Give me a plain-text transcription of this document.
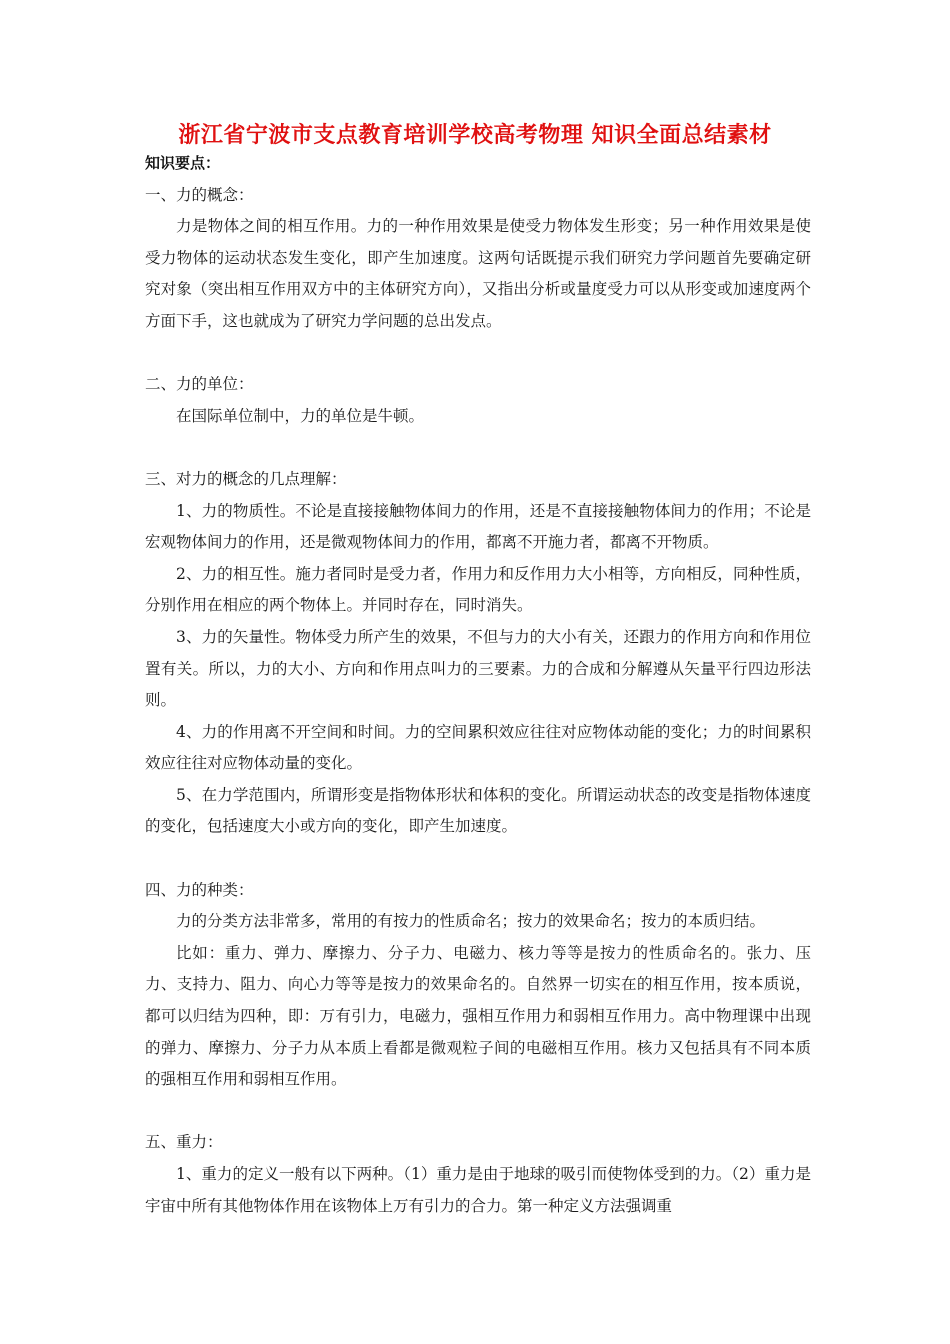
浙江省宁波市支点教育培训学校高考物理 知识全面总结素材
知识要点：

一、力的概念：

力是物体之间的相互作用。力的一种作用效果是使受力物体发生形变；另一种作用效果是使受力物体的运动状态发生变化，即产生加速度。这两句话既提示我们研究力学问题首先要确定研究对象（突出相互作用双方中的主体研究方向），又指出分析或量度受力可以从形变或加速度两个方面下手，这也就成为了研究力学问题的总出发点。

二、力的单位：

在国际单位制中，力的单位是牛顿。

三、对力的概念的几点理解：

1、力的物质性。不论是直接接触物体间力的作用，还是不直接接触物体间力的作用；不论是宏观物体间力的作用，还是微观物体间力的作用，都离不开施力者，都离不开物质。

2、力的相互性。施力者同时是受力者，作用力和反作用力大小相等，方向相反，同种性质，分别作用在相应的两个物体上。并同时存在，同时消失。

3、力的矢量性。物体受力所产生的效果，不但与力的大小有关，还跟力的作用方向和作用位置有关。所以，力的大小、方向和作用点叫力的三要素。力的合成和分解遵从矢量平行四边形法则。

4、力的作用离不开空间和时间。力的空间累积效应往往对应物体动能的变化；力的时间累积效应往往对应物体动量的变化。

5、在力学范围内，所谓形变是指物体形状和体积的变化。所谓运动状态的改变是指物体速度的变化，包括速度大小或方向的变化，即产生加速度。

四、力的种类：

力的分类方法非常多，常用的有按力的性质命名；按力的效果命名；按力的本质归结。

比如：重力、弹力、摩擦力、分子力、电磁力、核力等等是按力的性质命名的。张力、压力、支持力、阻力、向心力等等是按力的效果命名的。自然界一切实在的相互作用，按本质说，都可以归结为四种，即：万有引力，电磁力，强相互作用力和弱相互作用力。高中物理课中出现的弹力、摩擦力、分子力从本质上看都是微观粒子间的电磁相互作用。核力又包括具有不同本质的强相互作用和弱相互作用。

五、重力：

1、重力的定义一般有以下两种。（1）重力是由于地球的吸引而使物体受到的力。（2）重力是宇宙中所有其他物体作用在该物体上万有引力的合力。第一种定义方法强调重
